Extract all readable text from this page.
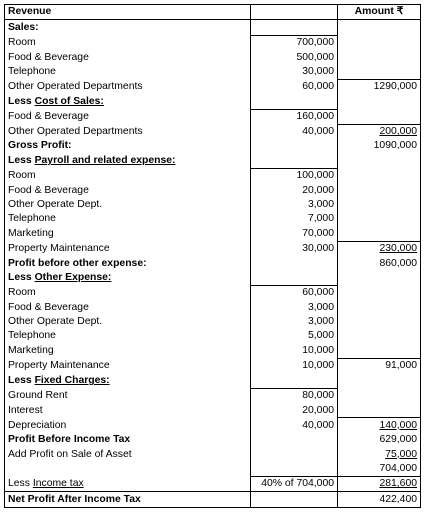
Revenue		Amount ₹
Sales:		
Room	700,000	
Food & Beverage	500,000	
Telephone	30,000	
Other Operated Departments	60,000	1290,000
Less Cost of Sales:		
Food & Beverage	160,000	
Other Operated Departments	40,000	200,000
Gross Profit:		1090,000
Less Payroll and related expense:		
Room	100,000	
Food & Beverage	20,000	
Other Operate Dept.	3,000	
Telephone	7,000	
Marketing	70,000	
Property Maintenance	30,000	230,000
Profit before other expense:		860,000
Less Other Expense:		
Room	60,000	
Food & Beverage	3,000	
Other Operate Dept.	3,000	
Telephone	5,000	
Marketing	10,000	
Property Maintenance	10,000	91,000
Less Fixed Charges:		
Ground Rent	80,000	
Interest	20,000	
Depreciation	40,000	140,000
Profit Before Income Tax		629,000
Add Profit on Sale of Asset		75,000
		704,000
Less Income tax	40% of 704,000	281,600
Net Profit After Income Tax		422,400
